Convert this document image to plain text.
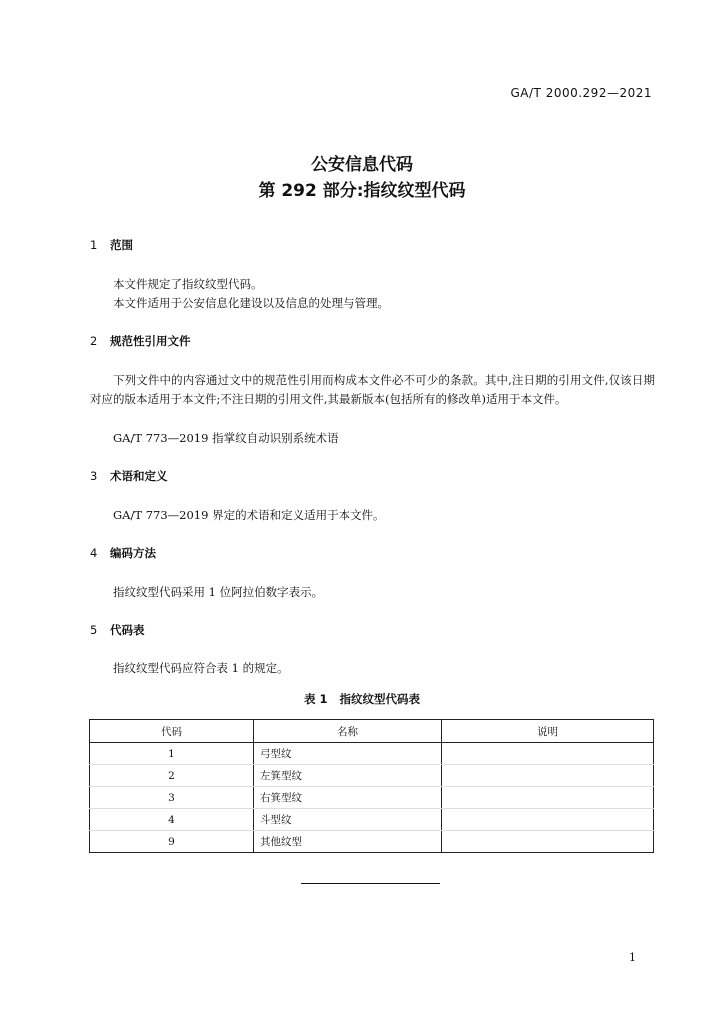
GA/T 2000.292—2021
公安信息代码
第 292 部分:指纹纹型代码
1 范围
本文件规定了指纹纹型代码。
本文件适用于公安信息化建设以及信息的处理与管理。
2 规范性引用文件
下列文件中的内容通过文中的规范性引用而构成本文件必不可少的条款。其中,注日期的引用文件,仅该日期对应的版本适用于本文件;不注日期的引用文件,其最新版本(包括所有的修改单)适用于本文件。
GA/T 773—2019 指掌纹自动识别系统术语
3 术语和定义
GA/T 773—2019 界定的术语和定义适用于本文件。
4 编码方法
指纹纹型代码采用 1 位阿拉伯数字表示。
5 代码表
指纹纹型代码应符合表 1 的规定。
表 1   指纹纹型代码表
代码	名称	说明
1	弓型纹	
2	左箕型纹	
3	右箕型纹	
4	斗型纹	
9	其他纹型	
1
